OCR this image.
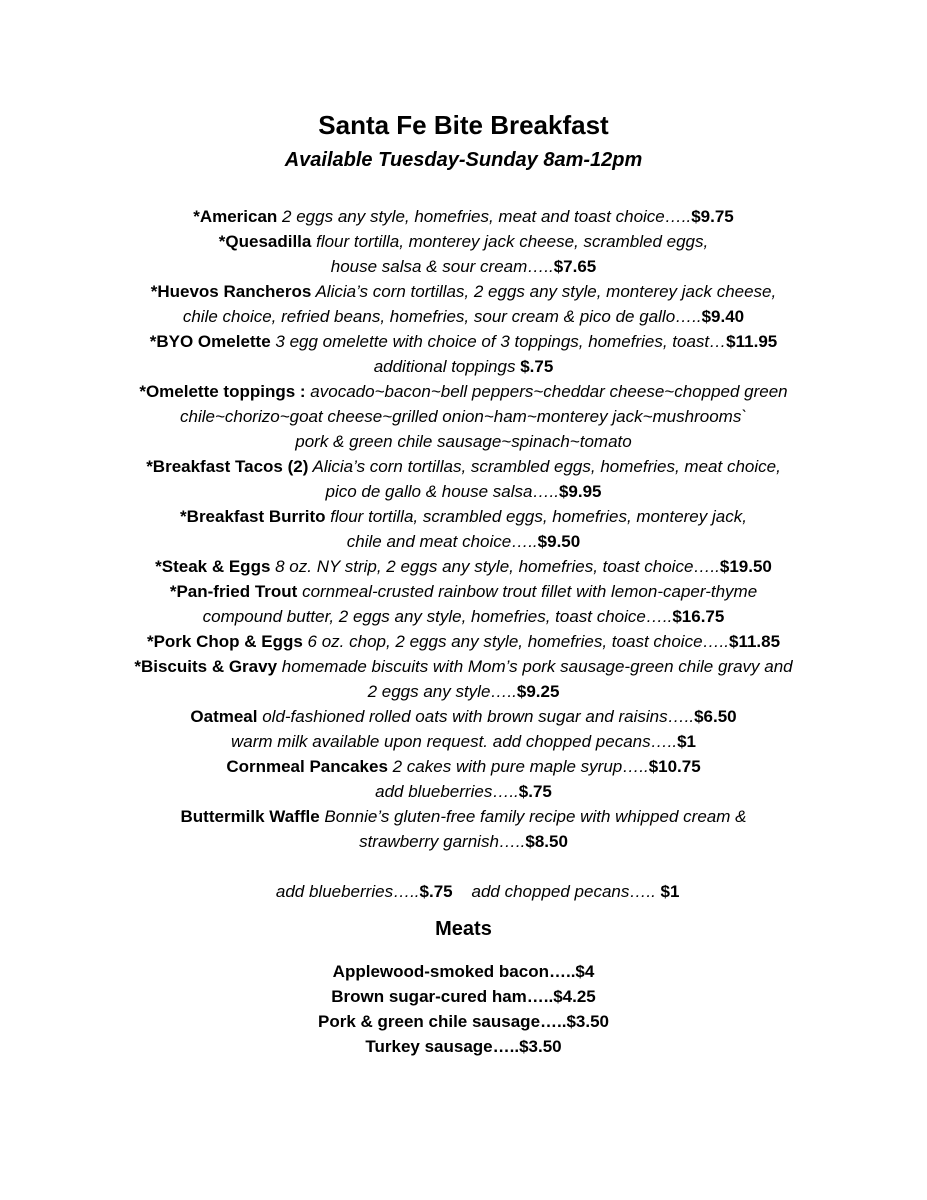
Santa Fe Bite Breakfast
Available Tuesday-Sunday 8am-12pm
*American 2 eggs any style, homefries, meat and toast choice…..$9.75
*Quesadilla flour tortilla, monterey jack cheese, scrambled eggs,
house salsa & sour cream…..$7.65
*Huevos Rancheros Alicia’s corn tortillas, 2 eggs any style, monterey jack cheese,
chile choice, refried beans, homefries, sour cream & pico de gallo…..$9.40
*BYO Omelette 3 egg omelette with choice of 3 toppings, homefries, toast…$11.95
additional toppings $.75
*Omelette toppings : avocado~bacon~bell peppers~cheddar cheese~chopped green
chile~chorizo~goat cheese~grilled onion~ham~monterey jack~mushrooms`
pork & green chile sausage~spinach~tomato
*Breakfast Tacos (2) Alicia’s corn tortillas, scrambled eggs, homefries, meat choice,
pico de gallo & house salsa…..$9.95
*Breakfast Burrito flour tortilla, scrambled eggs, homefries, monterey jack,
chile and meat choice…..$9.50
*Steak & Eggs 8 oz. NY strip, 2 eggs any style, homefries, toast choice…..$19.50
*Pan-fried Trout cornmeal-crusted rainbow trout fillet with lemon-caper-thyme
compound butter, 2 eggs any style, homefries, toast choice…..$16.75
*Pork Chop & Eggs 6 oz. chop, 2 eggs any style, homefries, toast choice…..$11.85
*Biscuits & Gravy homemade biscuits with Mom’s pork sausage-green chile gravy and
2 eggs any style…..$9.25
Oatmeal old-fashioned rolled oats with brown sugar and raisins…..$6.50
warm milk available upon request. add chopped pecans…..$1
Cornmeal Pancakes 2 cakes with pure maple syrup…..$10.75
add blueberries…..$.75
Buttermilk Waffle Bonnie’s gluten-free family recipe with whipped cream &
strawberry garnish…..$8.50

add blueberries…..$.75    add chopped pecans….. $1

Meats
Applewood-smoked bacon…..$4
Brown sugar-cured ham…..$4.25
Pork & green chile sausage…..$3.50
Turkey sausage…..$3.50
